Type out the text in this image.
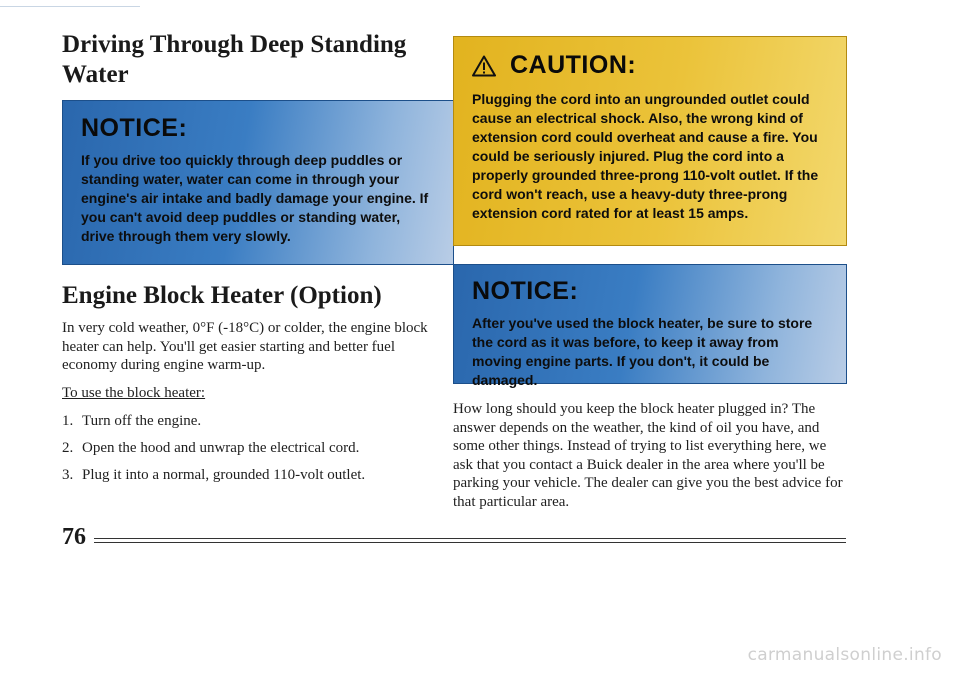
Driving Through Deep Standing Water
NOTICE:

If you drive too quickly through deep puddles or standing water, water can come in through your engine's air intake and badly damage your engine. If you can't avoid deep puddles or standing water, drive through them very slowly.

Engine Block Heater (Option)

In very cold weather, 0°F (-18°C) or colder, the engine block heater can help. You'll get easier starting and better fuel economy during engine warm-up.

To use the block heater:

1. Turn off the engine.
2. Open the hood and unwrap the electrical cord.
3. Plug it into a normal, grounded 110-volt outlet.
CAUTION:

Plugging the cord into an ungrounded outlet could cause an electrical shock. Also, the wrong kind of extension cord could overheat and cause a fire. You could be seriously injured. Plug the cord into a properly grounded three-prong 110-volt outlet. If the cord won't reach, use a heavy-duty three-prong extension cord rated for at least 15 amps.

NOTICE:

After you've used the block heater, be sure to store the cord as it was before, to keep it away from moving engine parts. If you don't, it could be damaged.

How long should you keep the block heater plugged in? The answer depends on the weather, the kind of oil you have, and some other things. Instead of trying to list everything here, we ask that you contact a Buick dealer in the area where you'll be parking your vehicle. The dealer can give you the best advice for that particular area.

76
carmanualsonline.info
